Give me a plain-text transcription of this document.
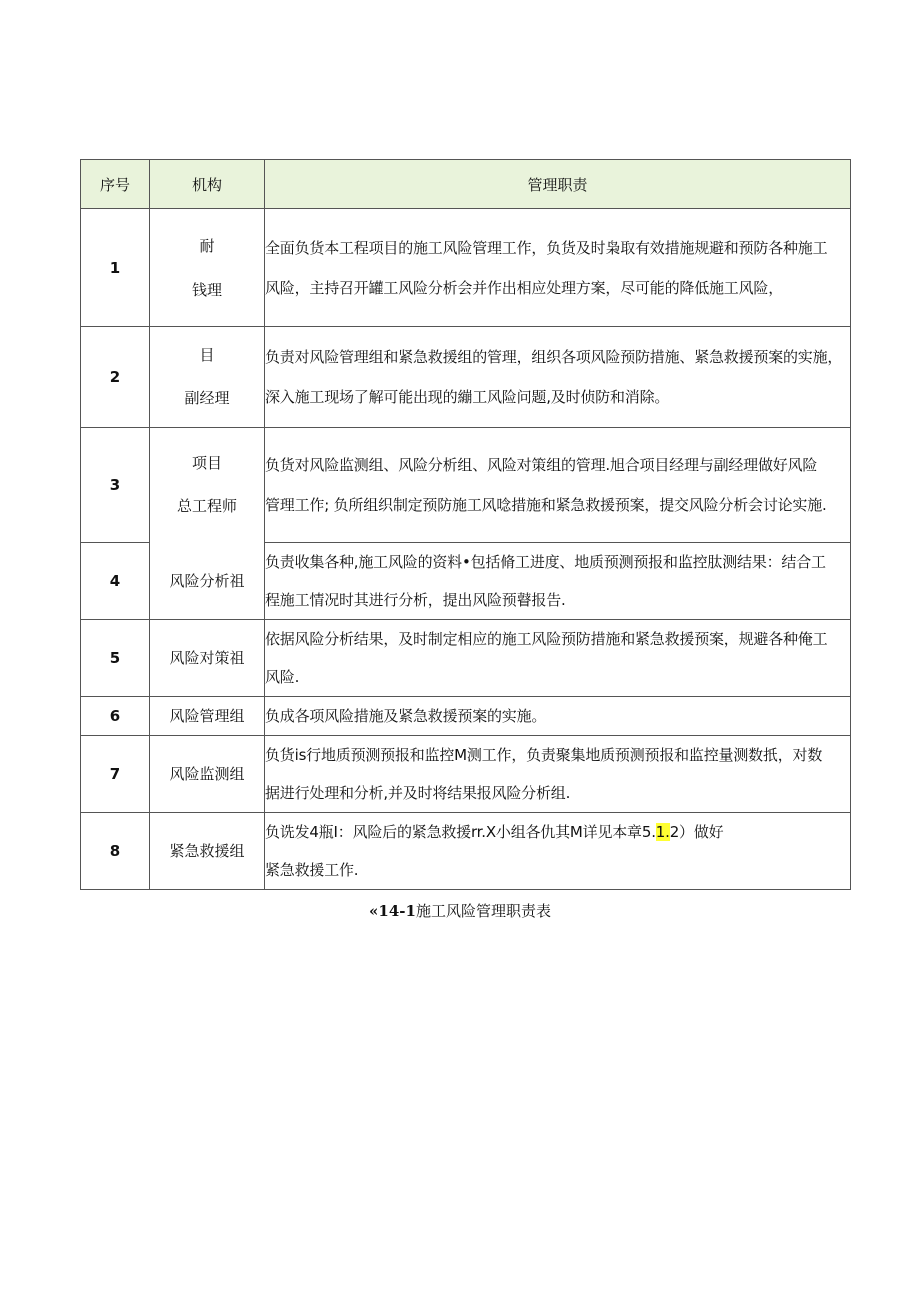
序号	机构	管理职责
1	耐
钱理	全面负货本工程项目的施工风险管理工作，负货及时枭取有效措施规避和预防各种施工
风险，主持召开罐工风险分析会并作出相应处理方案，尽可能的降低施工风险，

2	目
副经理	负责对风险管理组和紧急救援组的管理，组织各项风险预防措施、紧急救援预案的实施，
深入施工现场了解可能出现的繃工风险问题,及时侦防和消除。

3	项目
总工程师	负货对风险监测组、风险分析组、风险对策组的管理.旭合项目经理与副经理做好风险
管理工作; 负所组织制定预防施工风唸措施和紧急救援预案，提交风险分析会讨论实施.

4	风险分析祖	负责收集各种,施工风险的资料•包括脩工进度、地质预测预报和监控肽测结果：结合工
程施工情况时其进行分析，提出风险预瞽报告.

5	风险对策祖	依据风险分析结果，及时制定相应的施工风险预防措施和紧急救援预案，规避各种俺工
风险.

6	风险管理组	负成各项风险措施及紧急救援预案的实施。

7	风险监测组	负货is行地质预测预报和监控M测工作，负责聚集地质预测预报和监控量测数扺，对数
据进行处理和分析,并及时将结果报风险分析组.

8	紧急救援组	负诜发4瓶I：风险后的紧急救援rr.X小组各仇其M详见本章5.1.2）做好
紧急救援工作.
«14-1施工风险管理职责表
